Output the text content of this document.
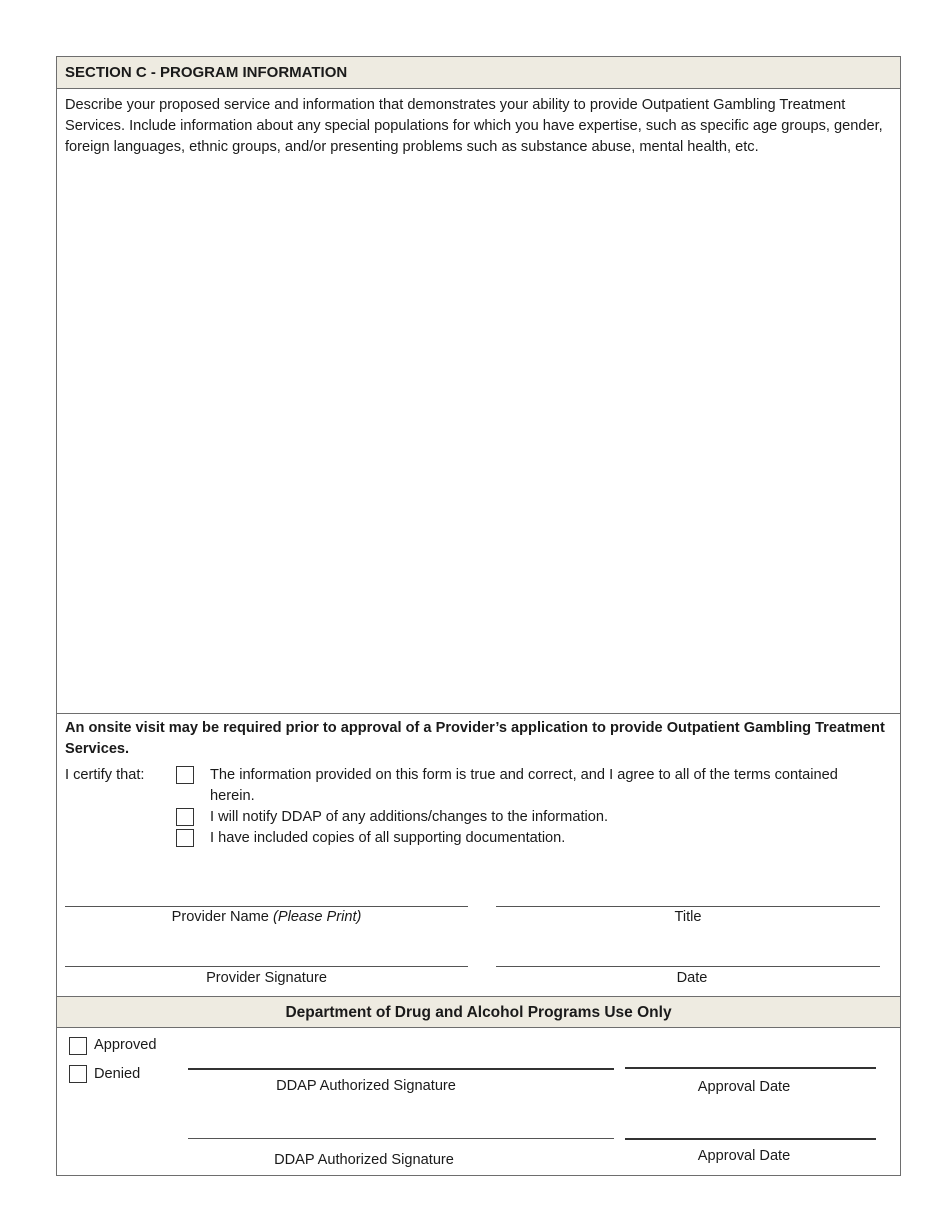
SECTION C - PROGRAM INFORMATION
Describe your proposed service and information that demonstrates your ability to provide Outpatient Gambling Treatment Services. Include information about any special populations for which you have expertise, such as specific age groups, gender, foreign languages, ethnic groups, and/or presenting problems such as substance abuse, mental health, etc.
An onsite visit may be required prior to approval of a Provider’s application to provide Outpatient Gambling Treatment Services.
I certify that:	The information provided on this form is true and correct, and I agree to all of the terms contained herein.
I will notify DDAP of any additions/changes to the information.
I have included copies of all supporting documentation.
Provider Name (Please Print)	Title
Provider Signature	Date
Department of Drug and Alcohol Programs Use Only
Approved
Denied
DDAP Authorized Signature	Approval Date
DDAP Authorized Signature	Approval Date
